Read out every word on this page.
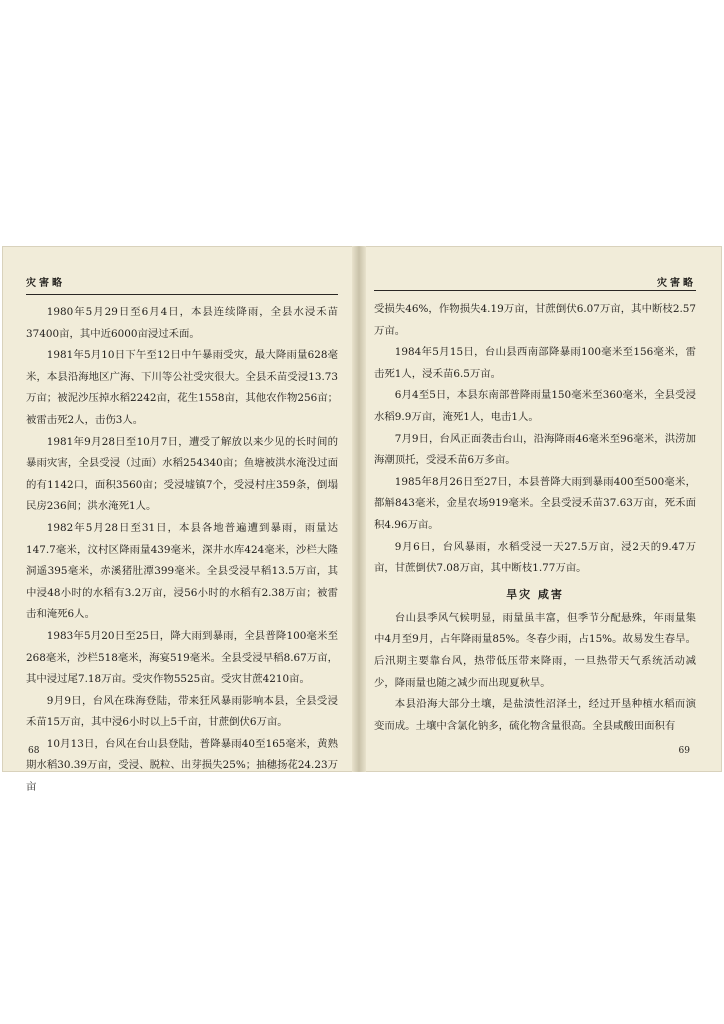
灾害略

1980年5月29日至6月4日，本县连续降雨，全县水浸禾苗37400亩，其中近6000亩浸过禾面。

1981年5月10日下午至12日中午暴雨受灾，最大降雨量628毫米，本县沿海地区广海、下川等公社受灾很大。全县禾苗受浸13.73万亩；被泥沙压掉水稻2242亩，花生1558亩，其他农作物256亩；被雷击死2人，击伤3人。

1981年9月28日至10月7日，遭受了解放以来少见的长时间的暴雨灾害，全县受浸（过面）水稻254340亩；鱼塘被洪水淹没过面的有1142口，面积3560亩；受浸墟镇7个，受浸村庄359条，倒塌民房236间；洪水淹死1人。

1982年5月28日至31日，本县各地普遍遭到暴雨，雨量达147.7毫米，汶村区降雨量439毫米，深井水库424毫米，沙栏大隆洞遥395毫米，赤溪猪肚潭399毫米。全县受浸早稻13.5万亩，其中浸48小时的水稻有3.2万亩，浸56小时的水稻有2.38万亩；被雷击和淹死6人。

1983年5月20日至25日，降大雨到暴雨，全县普降100毫米至268毫米，沙栏518毫米，海宴519毫米。全县受浸早稻8.67万亩，其中浸过尾7.18万亩。受灾作物5525亩。受灾甘蔗4210亩。

9月9日，台风在珠海登陆，带来狂风暴雨影响本县，全县受浸禾苗15万亩，其中浸6小时以上5千亩，甘蔗倒伏6万亩。

10月13日，台风在台山县登陆，普降暴雨40至165毫米，黄熟期水稻30.39万亩，受浸、脱粒、出芽损失25%；抽穗扬花24.23万亩

68
灾害略

受损失46%，作物损失4.19万亩，甘蔗倒伏6.07万亩，其中断枝2.57万亩。

1984年5月15日，台山县西南部降暴雨100毫米至156毫米，雷击死1人，浸禾苗6.5万亩。

6月4至5日，本县东南部普降雨量150毫米至360毫米，全县受浸水稻9.9万亩，淹死1人，电击1人。

7月9日，台风正面袭击台山，沿海降雨46毫米至96毫米，洪涝加海潮顶托，受浸禾苗6万多亩。

1985年8月26日至27日，本县普降大雨到暴雨400至500毫米，都斛843毫米，金星农场919毫米。全县受浸禾苗37.63万亩，死禾面积4.96万亩。

9月6日，台风暴雨，水稻受浸一天27.5万亩，浸2天的9.47万亩，甘蔗倒伏7.08万亩，其中断枝1.77万亩。

旱灾 咸害

台山县季风气候明显，雨量虽丰富，但季节分配悬殊，年雨量集中4月至9月，占年降雨量85%。冬春少雨，占15%。故易发生春旱。后汛期主要靠台风，热带低压带来降雨，一旦热带天气系统活动减少，降雨量也随之减少而出现夏秋旱。

本县沿海大部分土壤，是盐渍性沼泽土，经过开垦种植水稻而演变而成。土壤中含氯化钠多，硫化物含量很高。全县咸酸田面积有

69
